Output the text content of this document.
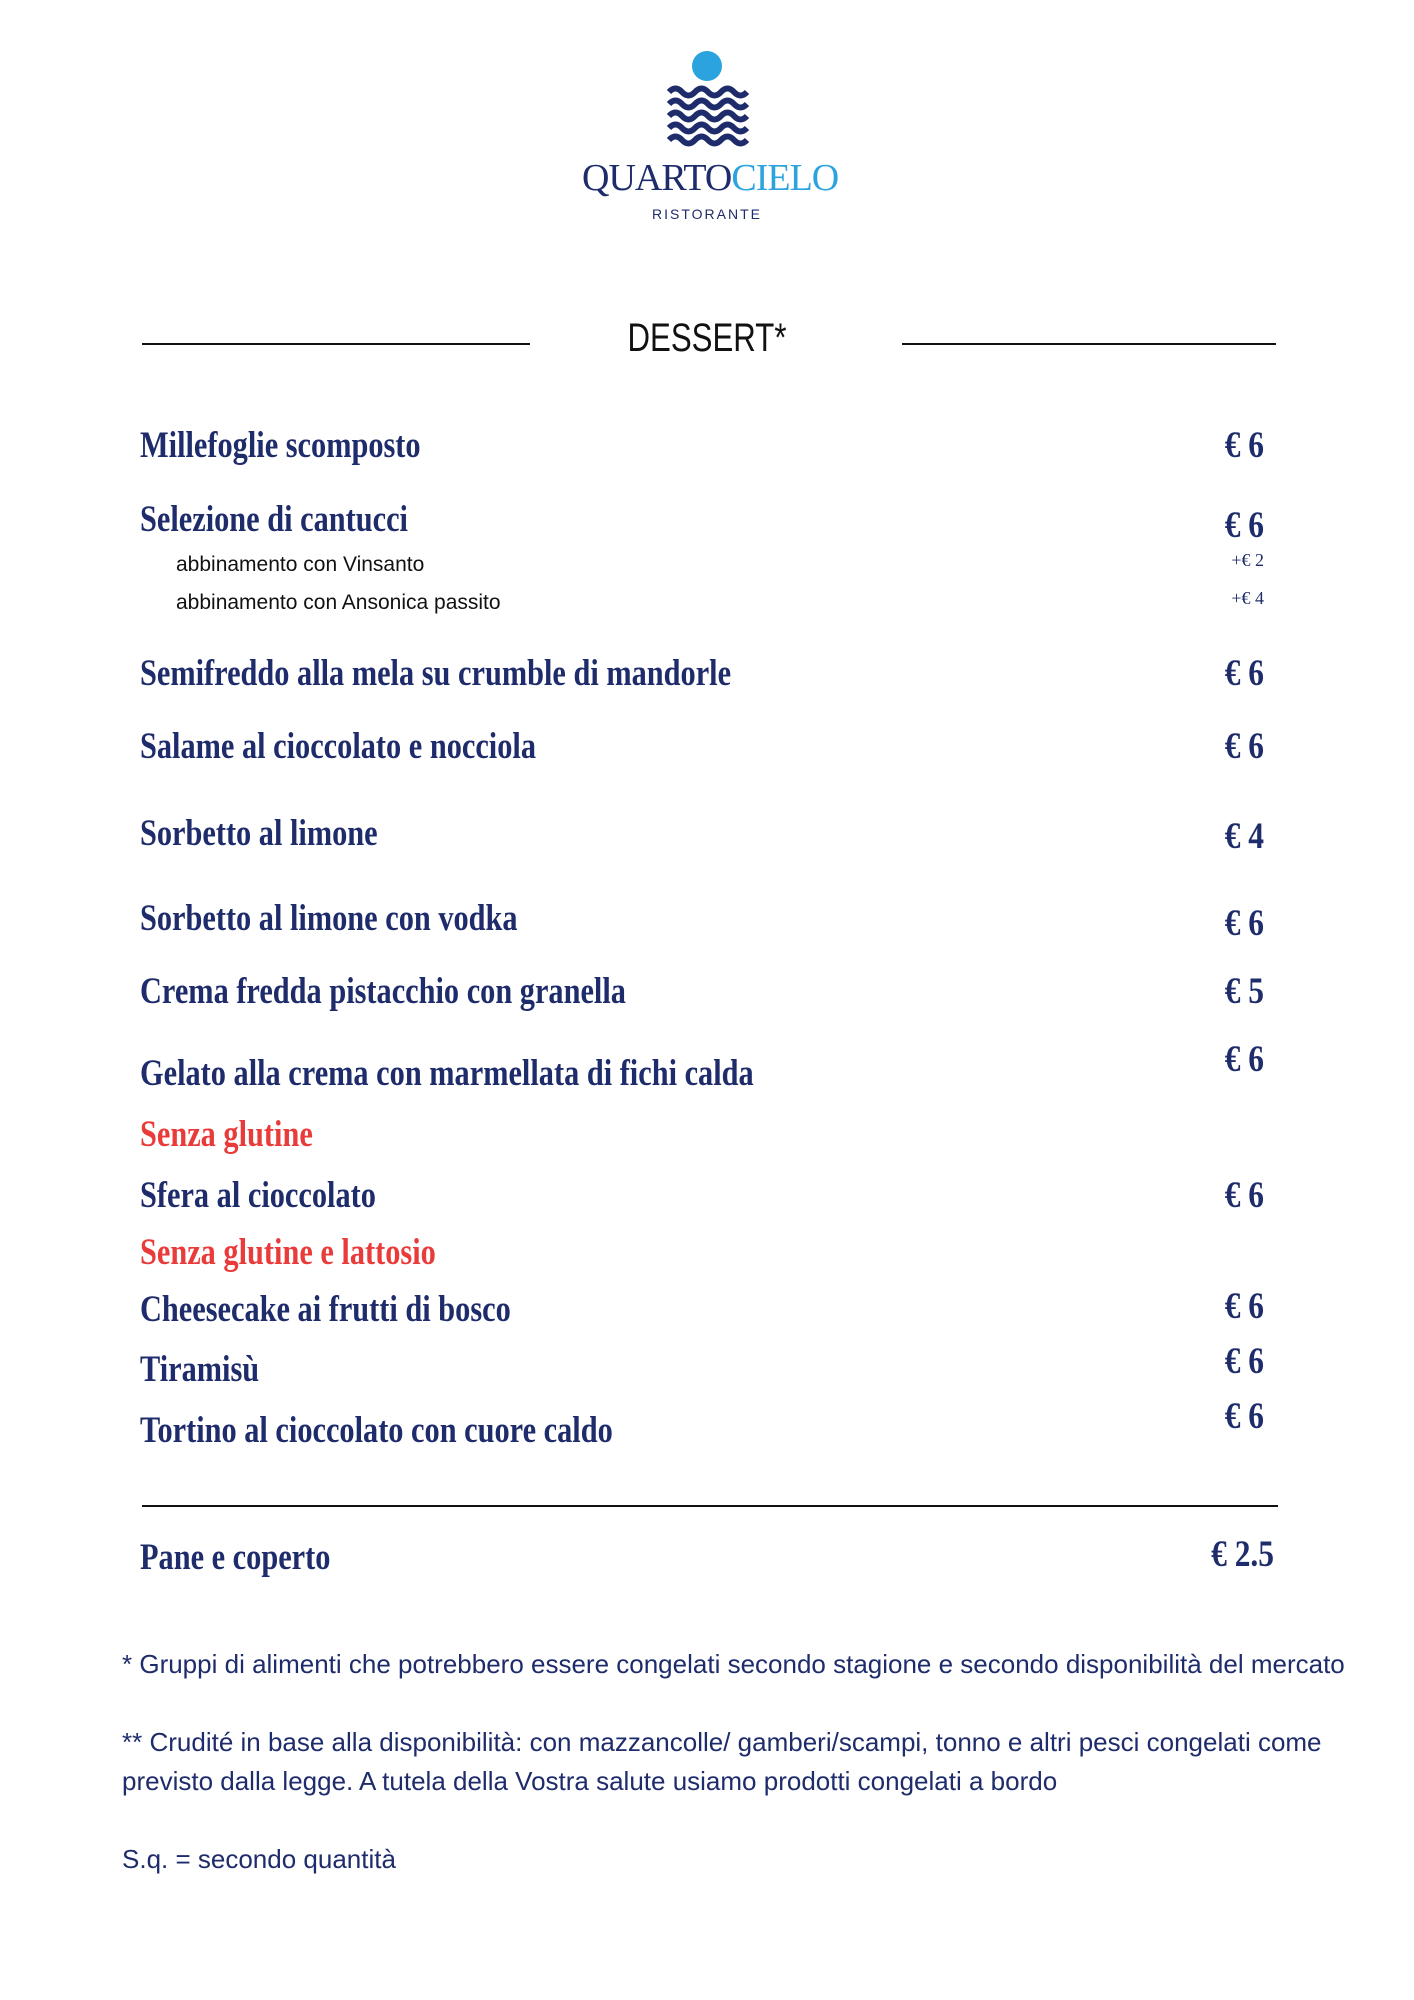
QUARTOCIELO
RISTORANTE
DESSERT*
Millefoglie scomposto	€ 6
Selezione di cantucci	€ 6
abbinamento con Vinsanto	+€ 2
abbinamento con Ansonica passito	+€ 4
Semifreddo alla mela su crumble di mandorle	€ 6
Salame al cioccolato e nocciola	€ 6
Sorbetto al limone	€ 4
Sorbetto al limone con vodka	€ 6
Crema fredda pistacchio con granella	€ 5
Gelato alla crema con marmellata di fichi calda	€ 6
Senza glutine
Sfera al cioccolato	€ 6
Senza glutine e lattosio
Cheesecake ai frutti di bosco	€ 6
Tiramisù	€ 6
Tortino al cioccolato con cuore caldo	€ 6
Pane e coperto	€ 2.5
* Gruppi di alimenti che potrebbero essere congelati secondo stagione e secondo disponibilità del mercato
** Crudité in base alla disponibilità: con mazzancolle/ gamberi/scampi, tonno e altri pesci congelati come previsto dalla legge. A tutela della Vostra salute usiamo prodotti congelati a bordo
S.q. = secondo quantità
